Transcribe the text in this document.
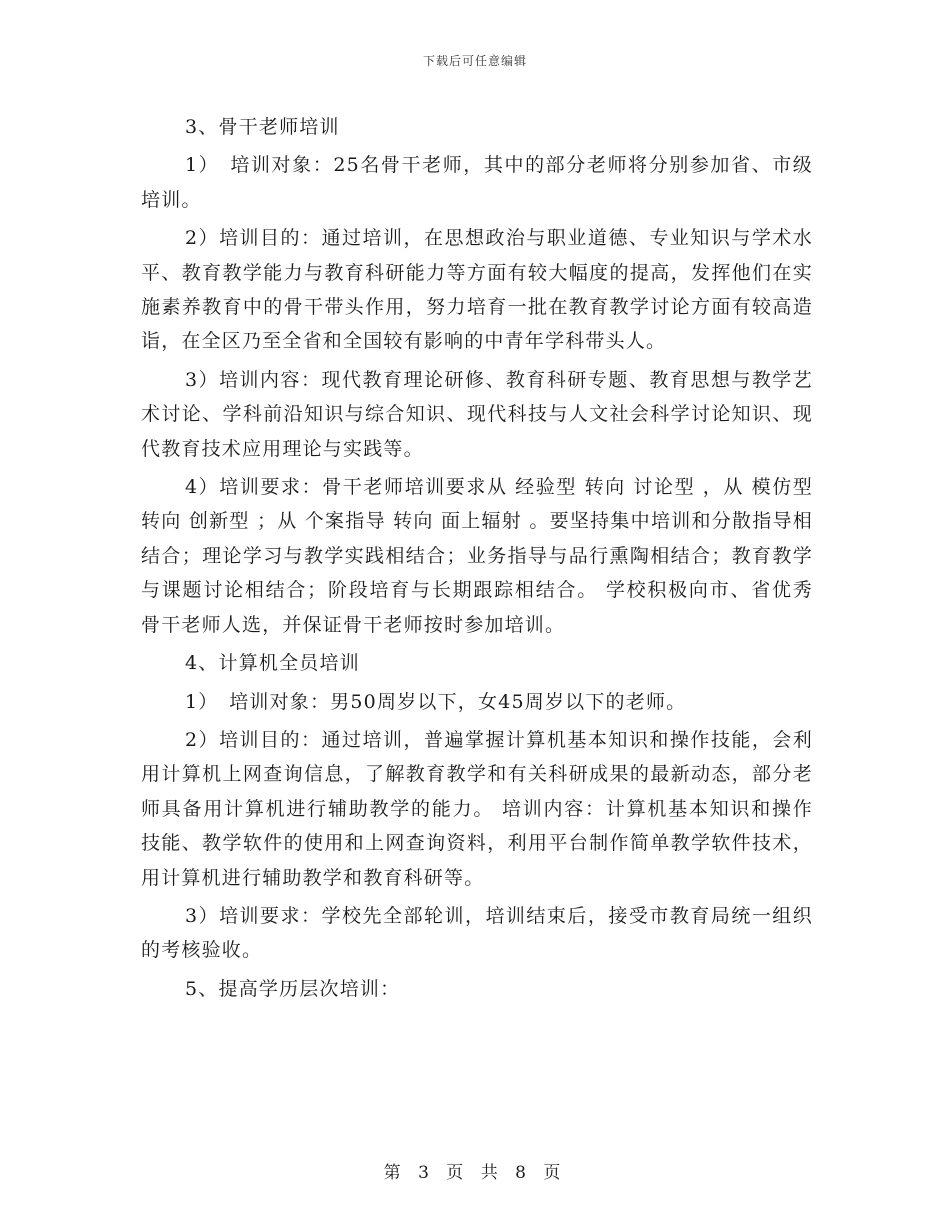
下载后可任意编辑

3、骨干老师培训

1）　培训对象：25名骨干老师，其中的部分老师将分别参加省、市级培训。

2）培训目的：通过培训，在思想政治与职业道德、专业知识与学术水平、教育教学能力与教育科研能力等方面有较大幅度的提高，发挥他们在实施素养教育中的骨干带头作用，努力培育一批在教育教学讨论方面有较高造诣，在全区乃至全省和全国较有影响的中青年学科带头人。

3）培训内容：现代教育理论研修、教育科研专题、教育思想与教学艺术讨论、学科前沿知识与综合知识、现代科技与人文社会科学讨论知识、现代教育技术应用理论与实践等。

4）培训要求：骨干老师培训要求从 经验型 转向 讨论型 ，从 模仿型 转向 创新型 ；从 个案指导 转向 面上辐射 。要坚持集中培训和分散指导相结合；理论学习与教学实践相结合；业务指导与品行熏陶相结合；教育教学与课题讨论相结合；阶段培育与长期跟踪相结合。 学校积极向市、省优秀骨干老师人选，并保证骨干老师按时参加培训。

4、计算机全员培训

1）　培训对象：男50周岁以下，女45周岁以下的老师。

2）培训目的：通过培训，普遍掌握计算机基本知识和操作技能，会利用计算机上网查询信息，了解教育教学和有关科研成果的最新动态，部分老师具备用计算机进行辅助教学的能力。 培训内容：计算机基本知识和操作技能、教学软件的使用和上网查询资料，利用平台制作简单教学软件技术，用计算机进行辅助教学和教育科研等。

3）培训要求：学校先全部轮训，培训结束后，接受市教育局统一组织的考核验收。

5、提高学历层次培训：

第 3 页 共 8 页
